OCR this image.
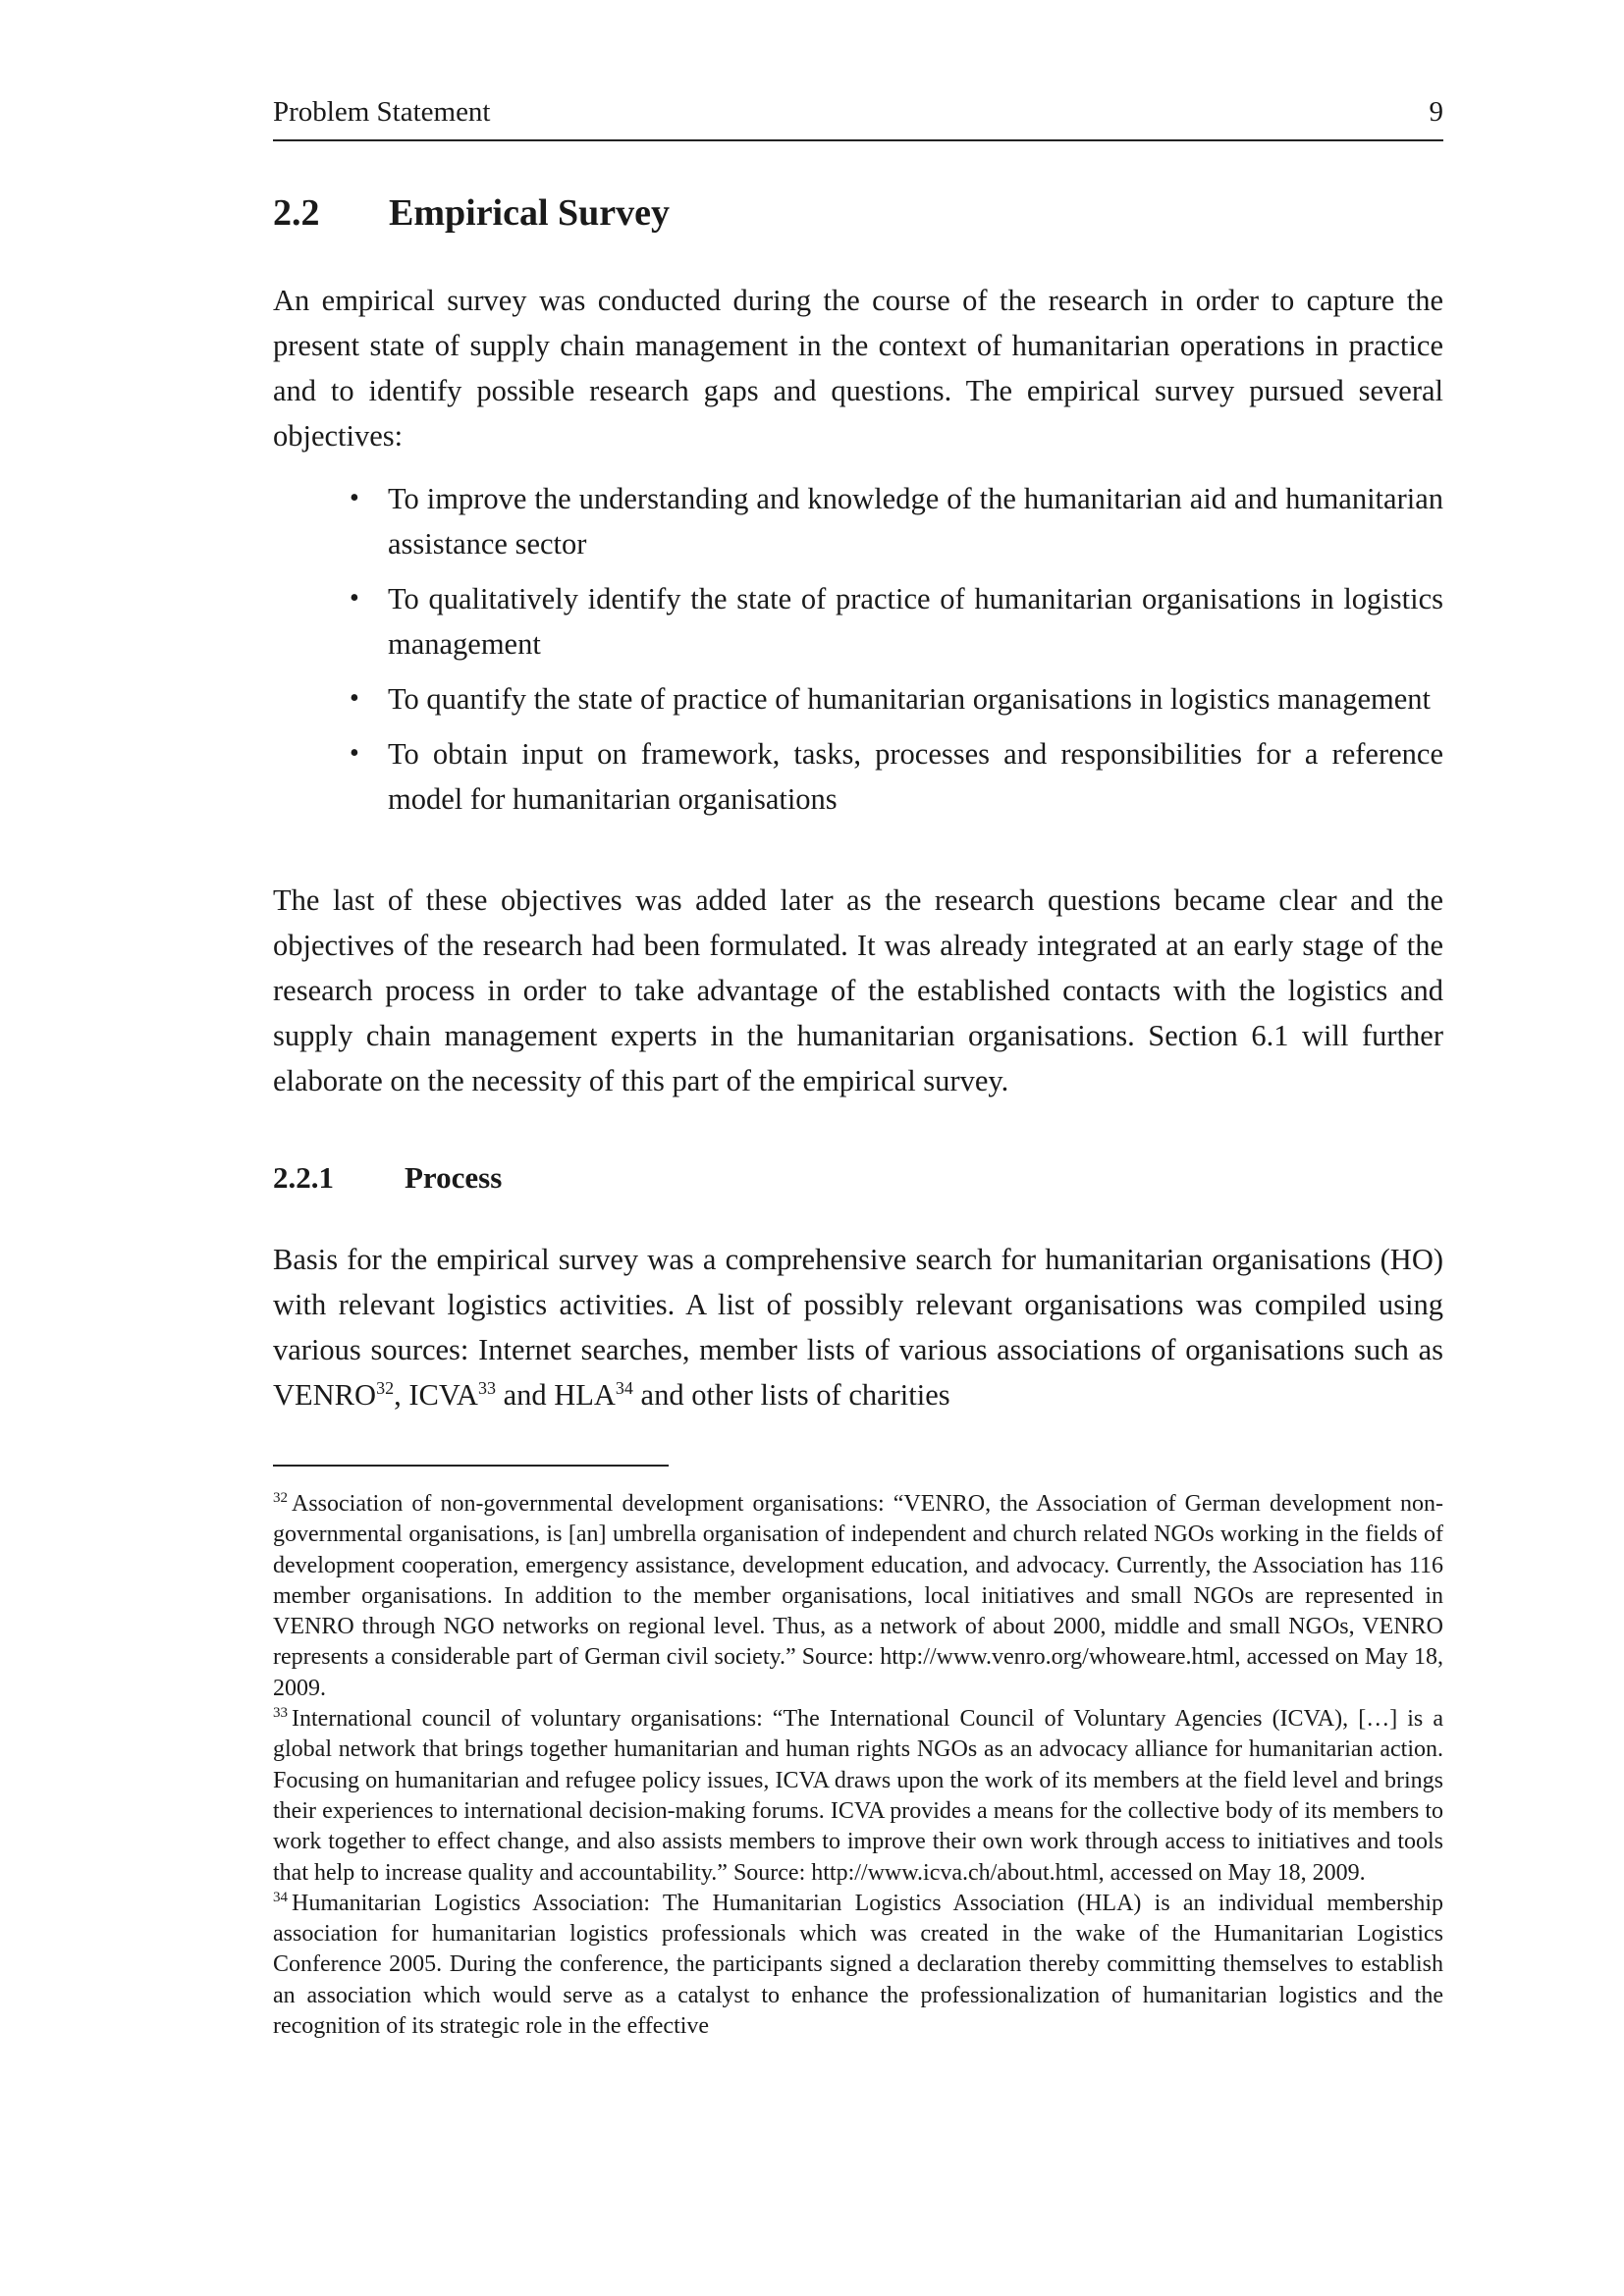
Problem Statement	9
2.2 Empirical Survey

An empirical survey was conducted during the course of the research in order to capture the present state of supply chain management in the context of humanitarian operations in practice and to identify possible research gaps and questions. The empirical survey pursued several objectives:

• To improve the understanding and knowledge of the humanitarian aid and humanitarian assistance sector
• To qualitatively identify the state of practice of humanitarian organisations in logistics management
• To quantify the state of practice of humanitarian organisations in logistics management
• To obtain input on framework, tasks, processes and responsibilities for a reference model for humanitarian organisations

The last of these objectives was added later as the research questions became clear and the objectives of the research had been formulated. It was already integrated at an early stage of the research process in order to take advantage of the established contacts with the logistics and supply chain management experts in the humanitarian organisations. Section 6.1 will further elaborate on the necessity of this part of the empirical survey.

2.2.1 Process

Basis for the empirical survey was a comprehensive search for humanitarian organisations (HO) with relevant logistics activities. A list of possibly relevant organisations was compiled using various sources: Internet searches, member lists of various associations of organisations such as VENRO$^{32}$, ICVA$^{33}$ and HLA$^{34}$ and other lists of charities

$^{32}$ Association of non-governmental development organisations: “VENRO, the Association of German development non-governmental organisations, is [an] umbrella organisation of independent and church related NGOs working in the fields of development cooperation, emergency assistance, development education, and advocacy. Currently, the Association has 116 member organisations. In addition to the member organisations, local initiatives and small NGOs are represented in VENRO through NGO networks on regional level. Thus, as a network of about 2000, middle and small NGOs, VENRO represents a considerable part of German civil society.” Source: http://www.venro.org/whoweare.html, accessed on May 18, 2009.

$^{33}$ International council of voluntary organisations: “The International Council of Voluntary Agencies (ICVA), […] is a global network that brings together humanitarian and human rights NGOs as an advocacy alliance for humanitarian action. Focusing on humanitarian and refugee policy issues, ICVA draws upon the work of its members at the field level and brings their experiences to international decision-making forums. ICVA provides a means for the collective body of its members to work together to effect change, and also assists members to improve their own work through access to initiatives and tools that help to increase quality and accountability.” Source: http://www.icva.ch/about.html, accessed on May 18, 2009.

$^{34}$ Humanitarian Logistics Association: The Humanitarian Logistics Association (HLA) is an individual membership association for humanitarian logistics professionals which was created in the wake of the Humanitarian Logistics Conference 2005. During the conference, the participants signed a declaration thereby committing themselves to establish an association which would serve as a catalyst to enhance the professionalization of humanitarian logistics and the recognition of its strategic role in the effective
